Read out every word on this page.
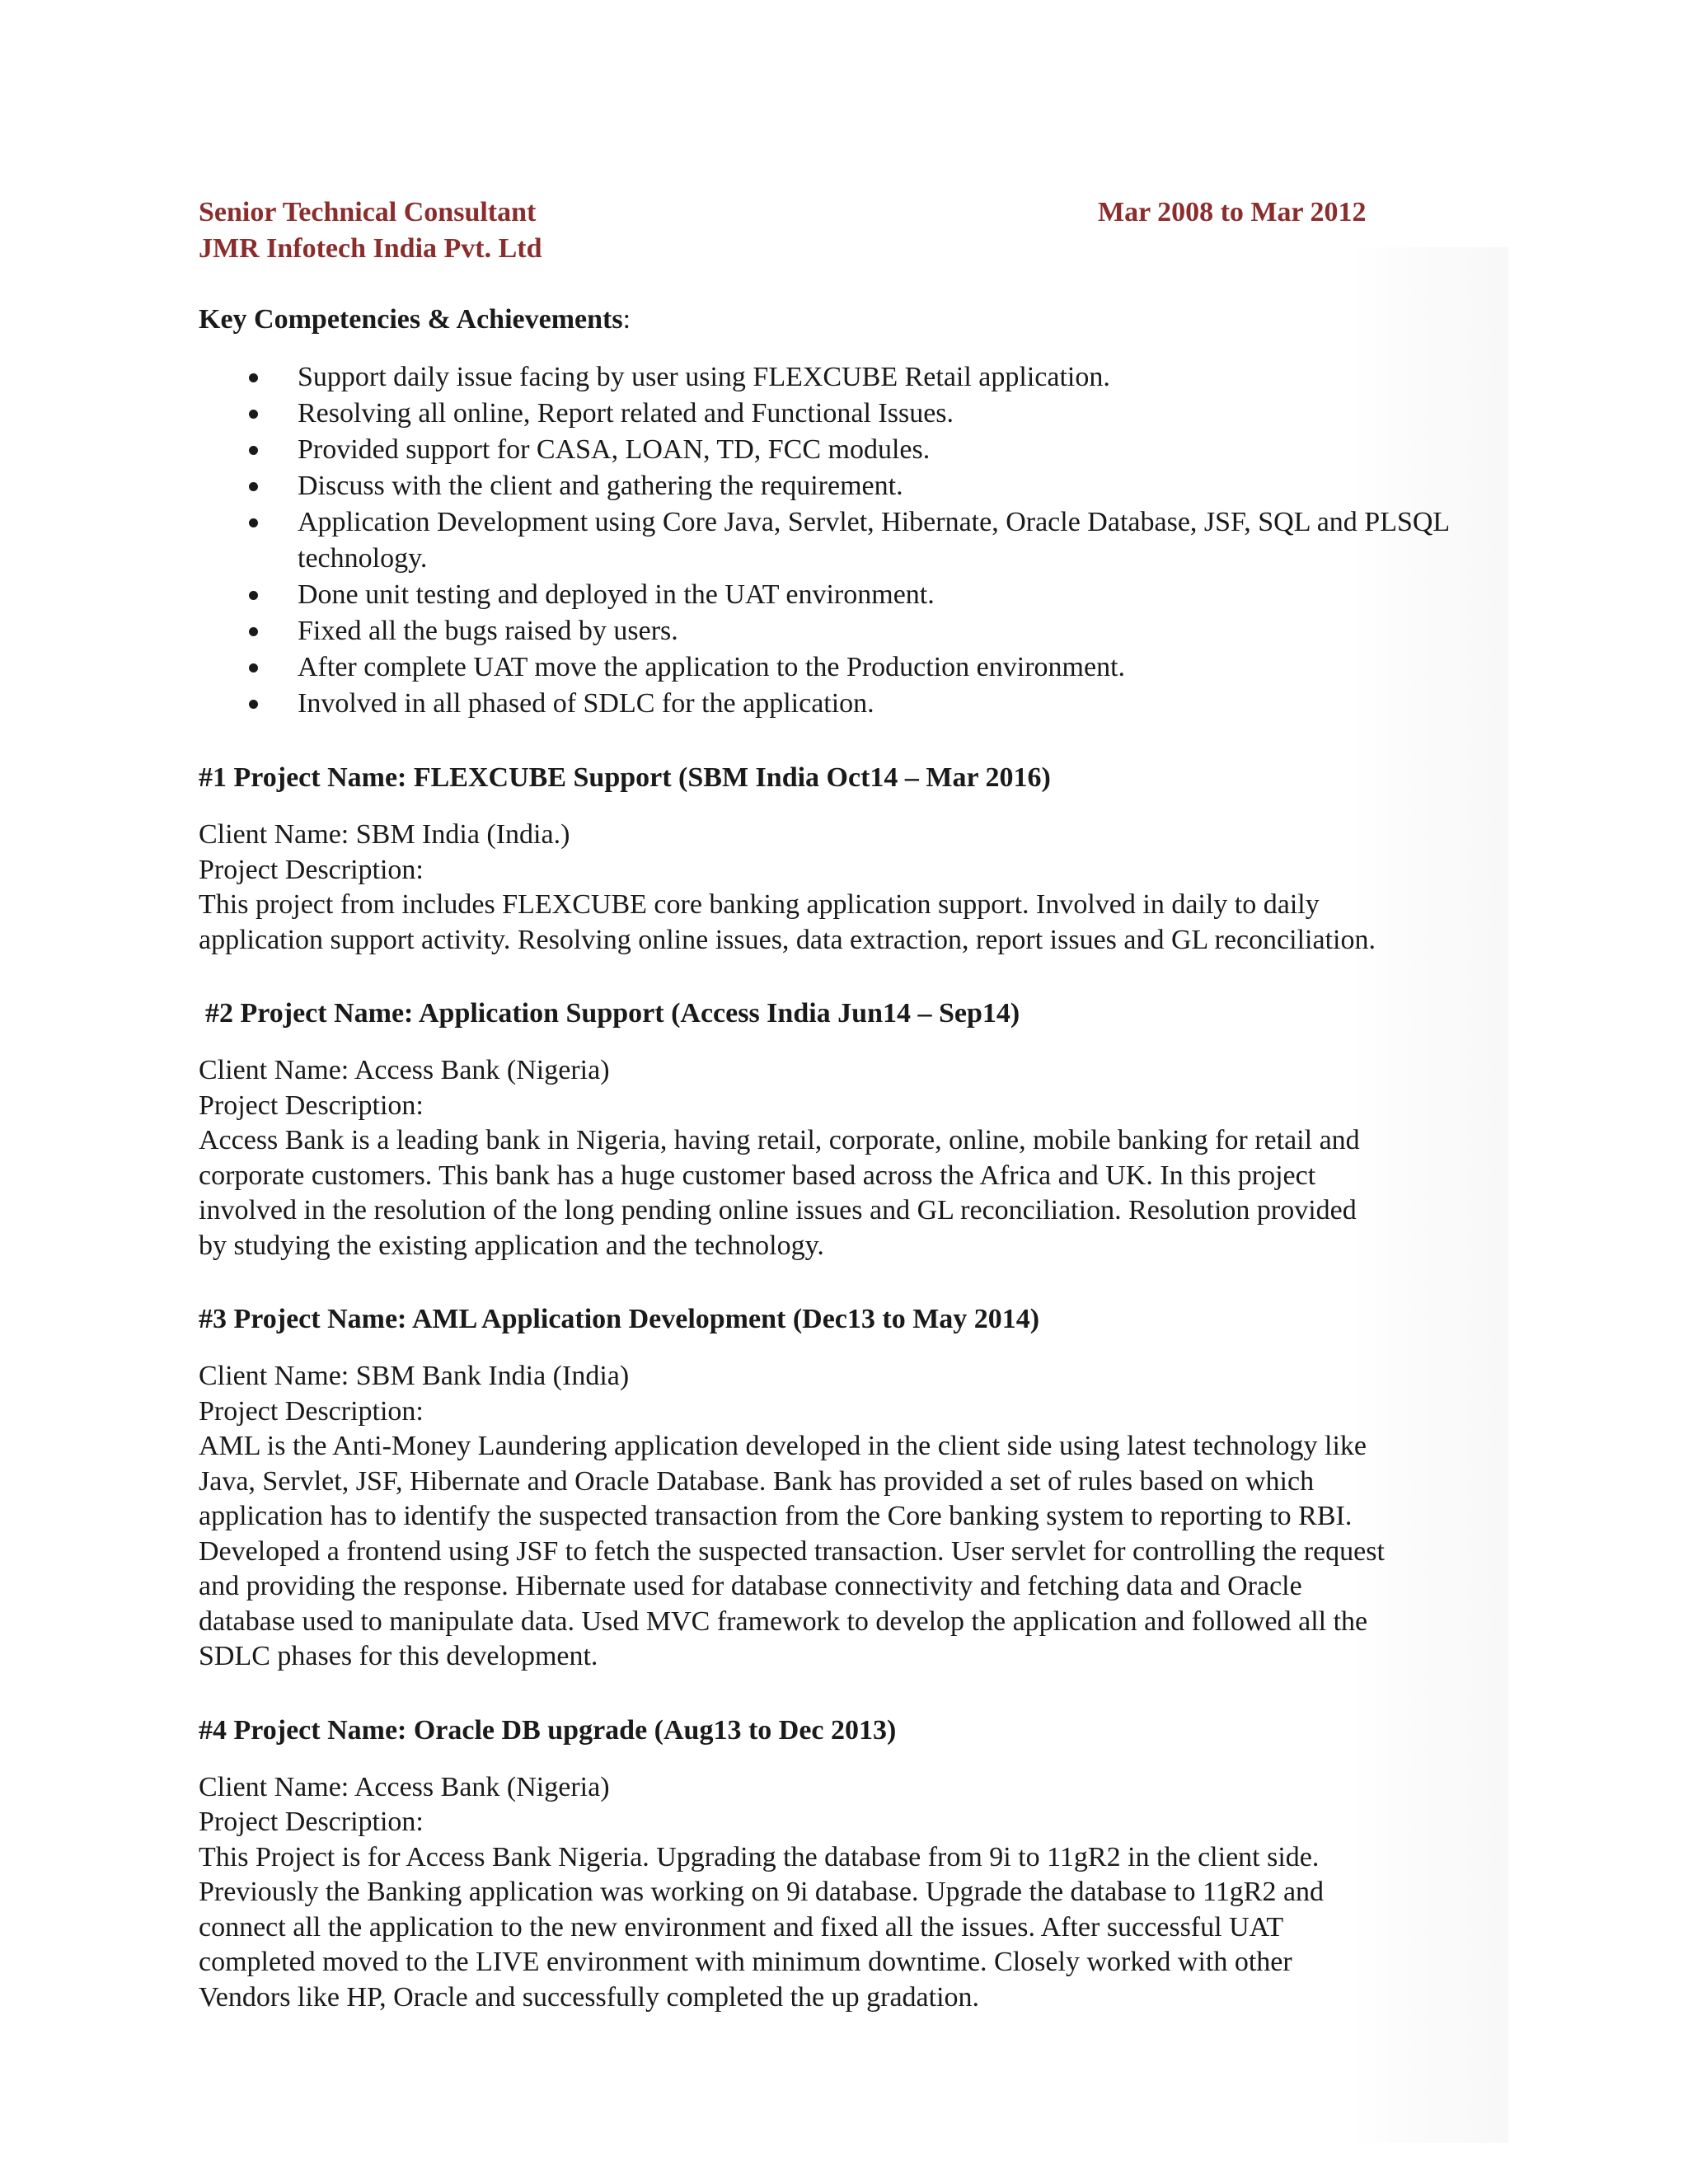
Senior Technical Consultant
JMR Infotech India Pvt. Ltd
Mar 2008 to Mar 2012
Key Competencies & Achievements:
Support daily issue facing by user using FLEXCUBE Retail application.
Resolving all online, Report related and Functional Issues.
Provided support for CASA, LOAN, TD, FCC modules.
Discuss with the client and gathering the requirement.
Application Development using Core Java, Servlet, Hibernate, Oracle Database, JSF, SQL and PLSQL technology.
Done unit testing and deployed in the UAT environment.
Fixed all the bugs raised by users.
After complete UAT move the application to the Production environment.
Involved in all phased of SDLC for the application.
#1 Project Name: FLEXCUBE Support (SBM India Oct14 – Mar 2016)
Client Name: SBM India (India.)
Project Description:
This project from includes FLEXCUBE core banking application support. Involved in daily to daily
application support activity. Resolving online issues, data extraction, report issues and GL reconciliation.
#2 Project Name: Application Support (Access India Jun14 – Sep14)
Client Name: Access Bank (Nigeria)
Project Description:
Access Bank is a leading bank in Nigeria, having retail, corporate, online, mobile banking for retail and
corporate customers. This bank has a huge customer based across the Africa and UK. In this project
involved in the resolution of the long pending online issues and GL reconciliation. Resolution provided
by studying the existing application and the technology.
#3 Project Name: AML Application Development (Dec13 to May 2014)
Client Name: SBM Bank India (India)
Project Description:
AML is the Anti-Money Laundering application developed in the client side using latest technology like
Java, Servlet, JSF, Hibernate and Oracle Database. Bank has provided a set of rules based on which
application has to identify the suspected transaction from the Core banking system to reporting to RBI.
Developed a frontend using JSF to fetch the suspected transaction. User servlet for controlling the request
and providing the response. Hibernate used for database connectivity and fetching data and Oracle
database used to manipulate data. Used MVC framework to develop the application and followed all the
SDLC phases for this development.
#4 Project Name: Oracle DB upgrade (Aug13 to Dec 2013)
Client Name: Access Bank (Nigeria)
Project Description:
This Project is for Access Bank Nigeria. Upgrading the database from 9i to 11gR2 in the client side.
Previously the Banking application was working on 9i database. Upgrade the database to 11gR2 and
connect all the application to the new environment and fixed all the issues. After successful UAT
completed moved to the LIVE environment with minimum downtime. Closely worked with other
Vendors like HP, Oracle and successfully completed the up gradation.
